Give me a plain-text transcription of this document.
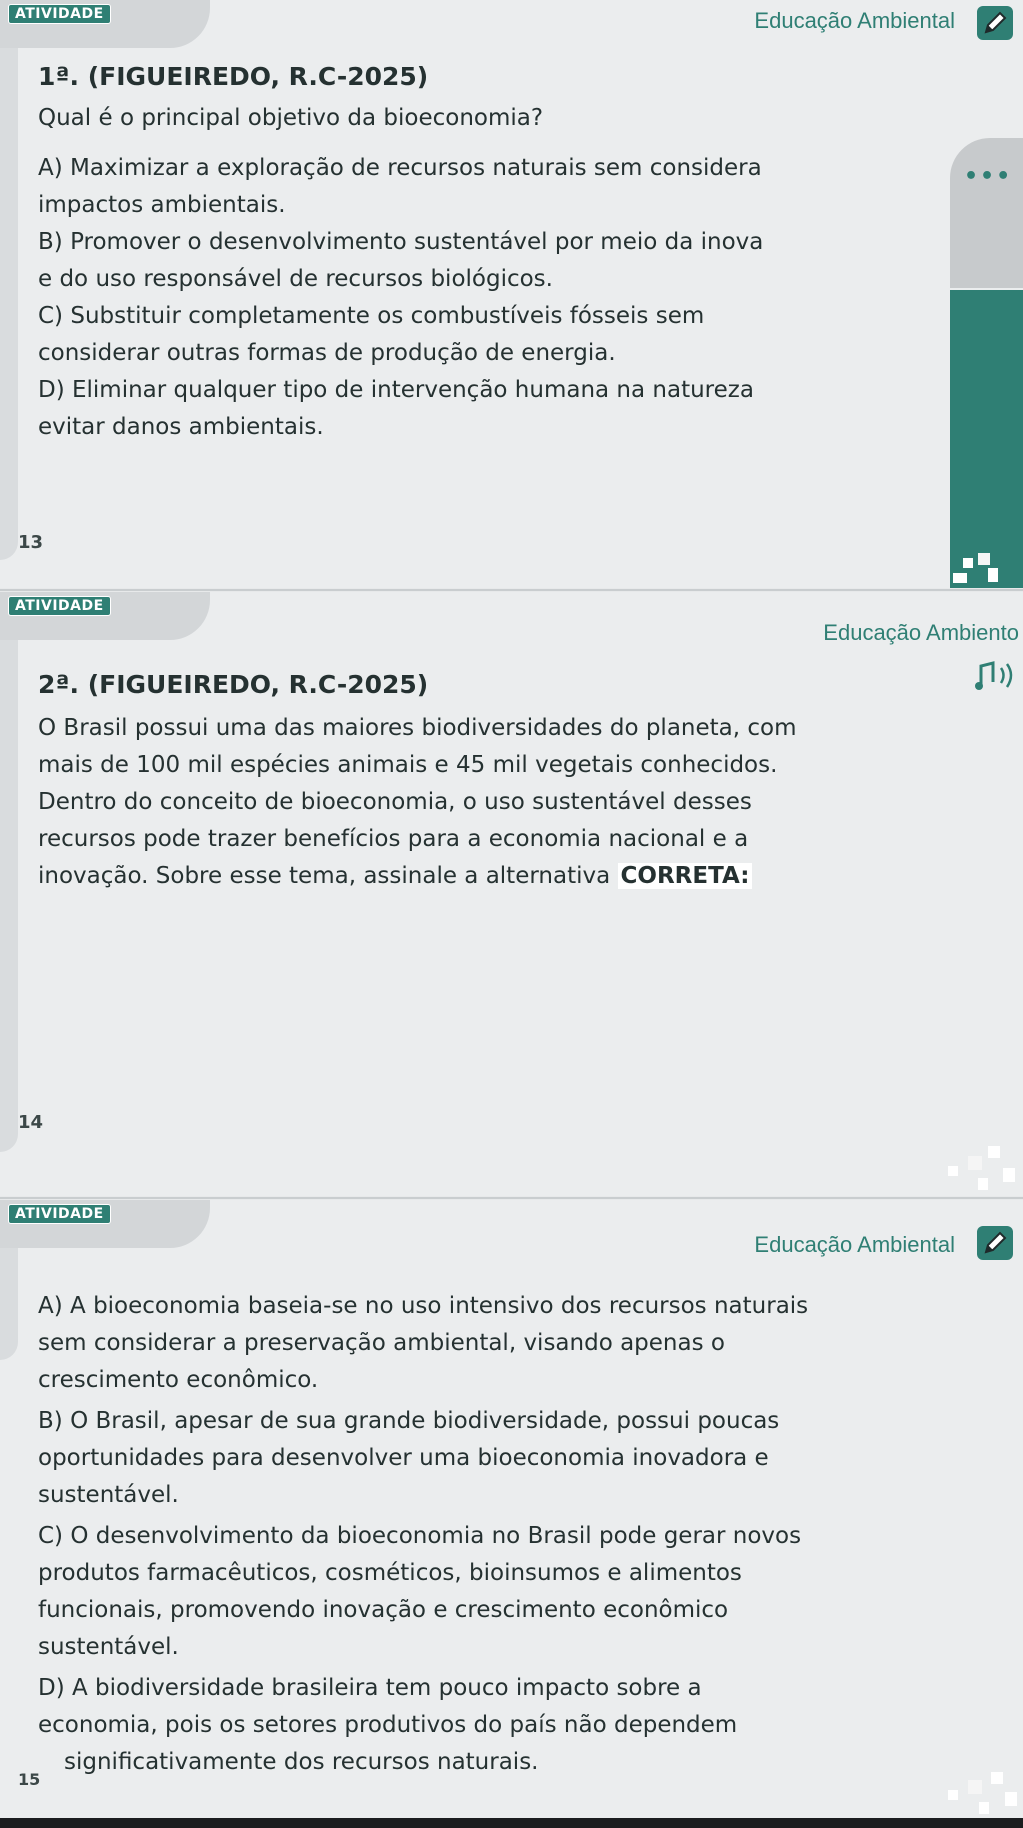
ATIVIDADE	Educação Ambiental
1ª. (FIGUEIREDO, R.C-2025)
Qual é o principal objetivo da bioeconomia?
•••
A) Maximizar a exploração de recursos naturais sem considera
impactos ambientais.
B) Promover o desenvolvimento sustentável por meio da inova
e do uso responsável de recursos biológicos.
C) Substituir completamente os combustíveis fósseis sem
considerar outras formas de produção de energia.
D) Eliminar qualquer tipo de intervenção humana na natureza
evitar danos ambientais.
13
ATIVIDADE
Educação Ambiento
2ª. (FIGUEIREDO, R.C-2025)
O Brasil possui uma das maiores biodiversidades do planeta, com
mais de 100 mil espécies animais e 45 mil vegetais conhecidos.
Dentro do conceito de bioeconomia, o uso sustentável desses
recursos pode trazer benefícios para a economia nacional e a
inovação. Sobre esse tema, assinale a alternativa CORRETA:
14
ATIVIDADE
Educação Ambiental
A) A bioeconomia baseia-se no uso intensivo dos recursos naturais
sem considerar a preservação ambiental, visando apenas o
crescimento econômico.
B) O Brasil, apesar de sua grande biodiversidade, possui poucas
oportunidades para desenvolver uma bioeconomia inovadora e
sustentável.
C) O desenvolvimento da bioeconomia no Brasil pode gerar novos
produtos farmacêuticos, cosméticos, bioinsumos e alimentos
funcionais, promovendo inovação e crescimento econômico
sustentável.
D) A biodiversidade brasileira tem pouco impacto sobre a
economia, pois os setores produtivos do país não dependem
significativamente dos recursos naturais.
15
